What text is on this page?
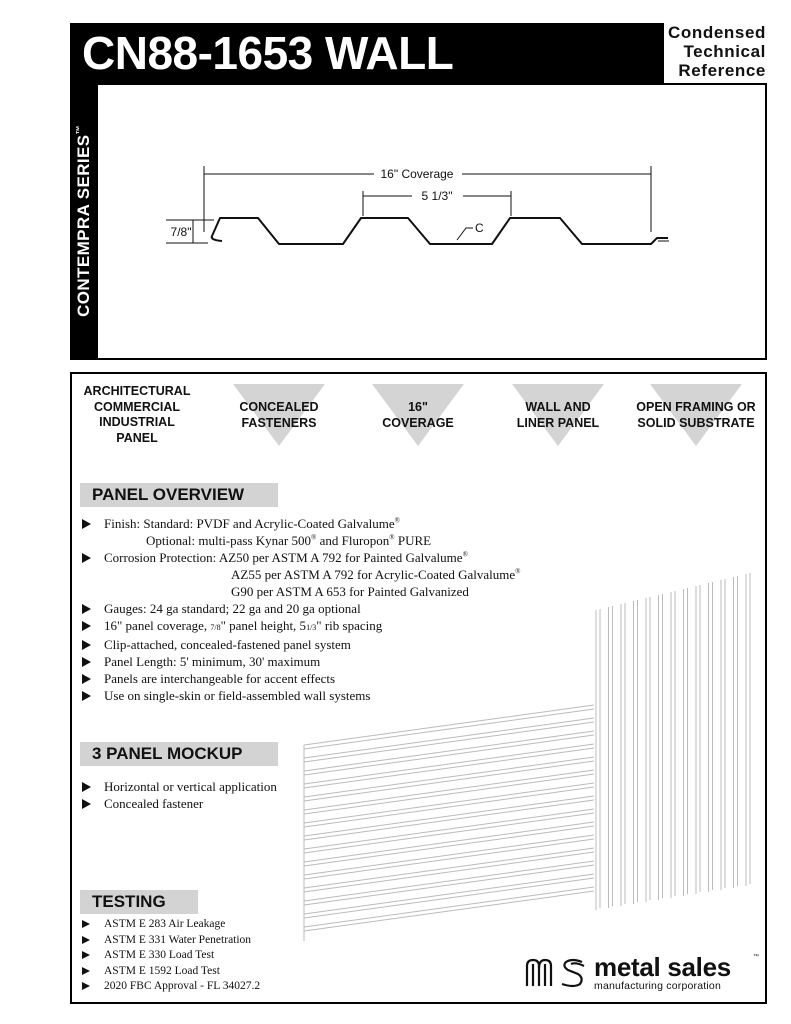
CN88-1653 WALL	Condensed
Technical
Reference
CONTEMPRA SERIES™
16" Coverage
5 1/3"
7/8"	C
ARCHITECTURAL
COMMERCIAL
INDUSTRIAL
PANEL
CONCEALED
FASTENERS
16"
COVERAGE
WALL AND
LINER PANEL
OPEN FRAMING OR
SOLID SUBSTRATE
PANEL OVERVIEW
Finish: Standard: PVDF and Acrylic-Coated Galvalume®
Optional: multi-pass Kynar 500® and Fluropon® PURE
Corrosion Protection: AZ50 per ASTM A 792 for Painted Galvalume®
AZ55 per ASTM A 792 for Acrylic-Coated Galvalume®
G90 per ASTM A 653 for Painted Galvanized
Gauges: 24 ga standard; 22 ga and 20 ga optional
16" panel coverage, 7/8" panel height, 51/3" rib spacing
Clip-attached, concealed-fastened panel system
Panel Length: 5' minimum, 30' maximum
Panels are interchangeable for accent effects
Use on single-skin or field-assembled wall systems
3 PANEL MOCKUP
Horizontal or vertical application
Concealed fastener
TESTING
ASTM E 283 Air Leakage
ASTM E 331 Water Penetration
ASTM E 330 Load Test
ASTM E 1592 Load Test
2020 FBC Approval - FL 34027.2
metal sales
manufacturing corporation
™
